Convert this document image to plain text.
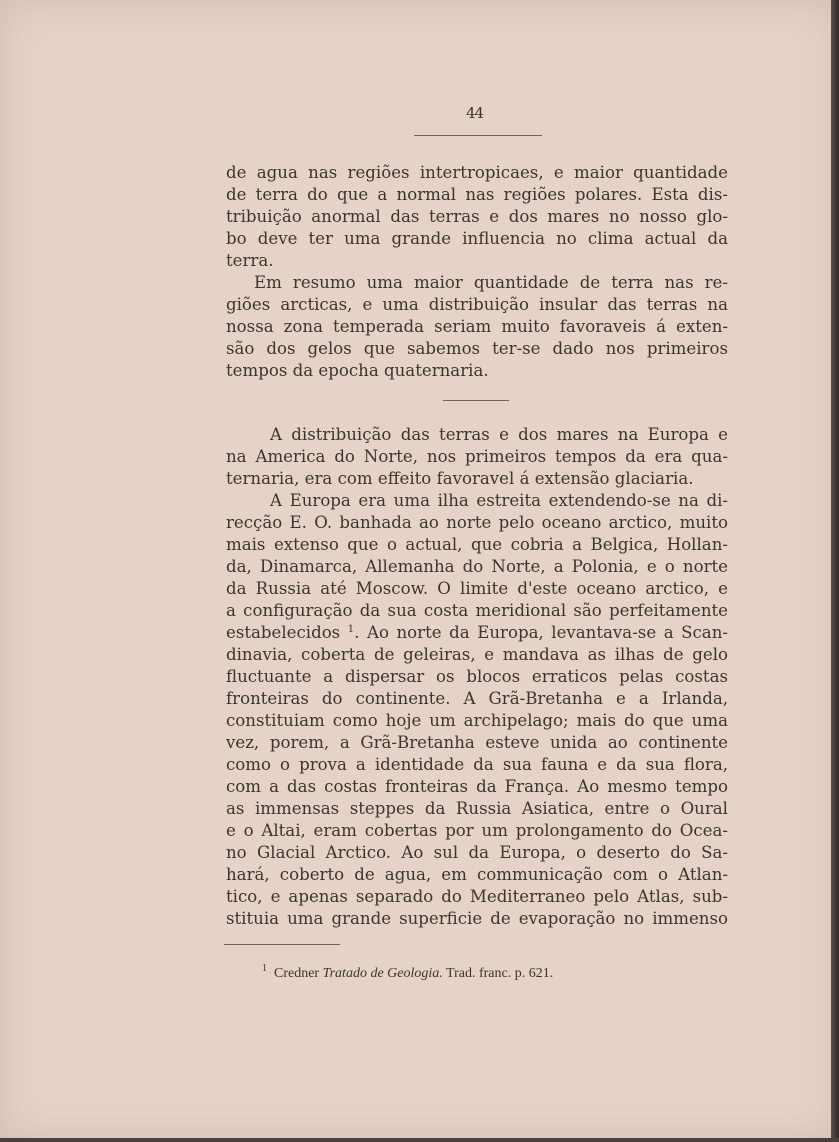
44
de agua nas regiões intertropicaes, e maior quantidade
de terra do que a normal nas regiões polares. Esta dis-
tribuição anormal das terras e dos mares no nosso glo-
bo deve ter uma grande influencia no clima actual da
terra.
Em resumo uma maior quantidade de terra nas re-
giões arcticas, e uma distribuição insular das terras na
nossa zona temperada seriam muito favoraveis á exten-
são dos gelos que sabemos ter-se dado nos primeiros
tempos da epocha quaternaria.
A distribuição das terras e dos mares na Europa e
na America do Norte, nos primeiros tempos da era qua-
ternaria, era com effeito favoravel á extensão glaciaria.
A Europa era uma ilha estreita extendendo-se na di-
recção E. O. banhada ao norte pelo oceano arctico, muito
mais extenso que o actual, que cobria a Belgica, Hollan-
da, Dinamarca, Allemanha do Norte, a Polonia, e o norte
da Russia até Moscow. O limite d'este oceano arctico, e
a configuração da sua costa meridional são perfeitamente
estabelecidos $^1$. Ao norte da Europa, levantava-se a Scan-
dinavia, coberta de geleiras, e mandava as ilhas de gelo
fluctuante a dispersar os blocos erraticos pelas costas
fronteiras do continente. A Grã-Bretanha e a Irlanda,
constituiam como hoje um archipelago; mais do que uma
vez, porem, a Grã-Bretanha esteve unida ao continente
como o prova a identidade da sua fauna e da sua flora,
com a das costas fronteiras da França. Ao mesmo tempo
as immensas steppes da Russia Asiatica, entre o Oural
e o Altai, eram cobertas por um prolongamento do Ocea-
no Glacial Arctico. Ao sul da Europa, o deserto do Sa-
hará, coberto de agua, em communicação com o Atlan-
tico, e apenas separado do Mediterraneo pelo Atlas, sub-
stituia uma grande superficie de evaporação no immenso
$^1$ Credner Tratado de Geologia. Trad. franc. p. 621.
